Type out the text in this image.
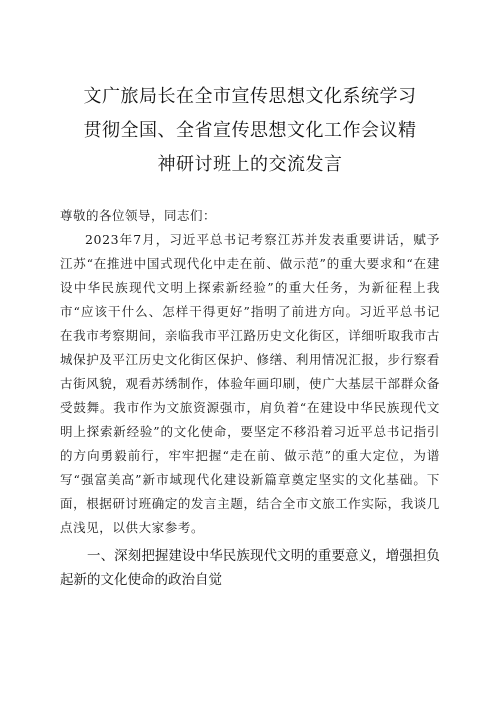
文广旅局长在全市宣传思想文化系统学习
贯彻全国、全省宣传思想文化工作会议精
神研讨班上的交流发言
尊敬的各位领导，同志们：

2023年7月，习近平总书记考察江苏并发表重要讲话，赋予江苏“在推进中国式现代化中走在前、做示范”的重大要求和“在建设中华民族现代文明上探索新经验”的重大任务，为新征程上我市“应该干什么、怎样干得更好”指明了前进方向。习近平总书记在我市考察期间，亲临我市平江路历史文化街区，详细听取我市古城保护及平江历史文化街区保护、修缮、利用情况汇报，步行察看古街风貌，观看苏绣制作，体验年画印刷，使广大基层干部群众备受鼓舞。我市作为文旅资源强市，肩负着“在建设中华民族现代文明上探索新经验”的文化使命，要坚定不移沿着习近平总书记指引的方向勇毅前行，牢牢把握“走在前、做示范”的重大定位，为谱写“强富美高”新市域现代化建设新篇章奠定坚实的文化基础。下面，根据研讨班确定的发言主题，结合全市文旅工作实际，我谈几点浅见，以供大家参考。

一、深刻把握建设中华民族现代文明的重要意义，增强担负起新的文化使命的政治自觉
